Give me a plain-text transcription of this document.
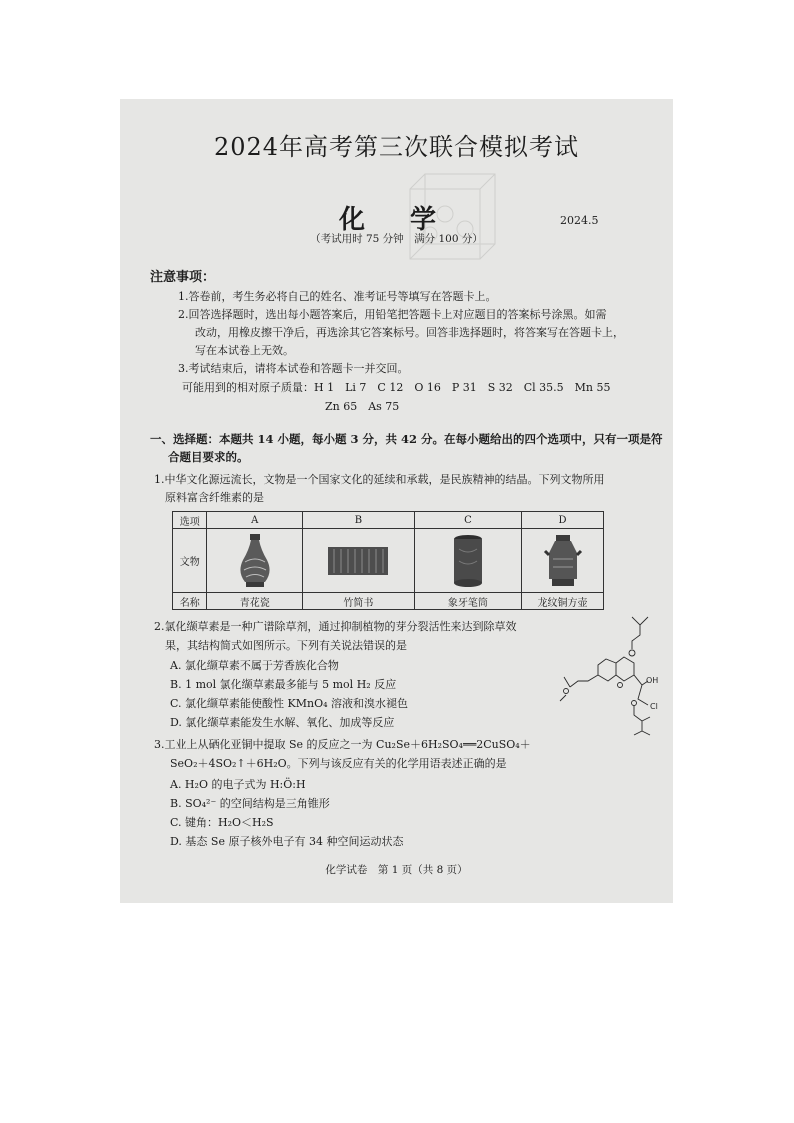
2024年高考第三次联合模拟考试
化 学	2024.5
（考试用时 75 分钟　满分 100 分）
注意事项：
1.答卷前，考生务必将自己的姓名、准考证号等填写在答题卡上。
2.回答选择题时，选出每小题答案后，用铅笔把答题卡上对应题目的答案标号涂黑。如需
改动，用橡皮擦干净后，再选涂其它答案标号。回答非选择题时，将答案写在答题卡上，
写在本试卷上无效。
3.考试结束后，请将本试卷和答题卡一并交回。
可能用到的相对原子质量：H 1　Li 7　C 12　O 16　P 31　S 32　Cl 35.5　Mn 55
Zn 65　As 75
一、选择题：本题共 14 小题，每小题 3 分，共 42 分。在每小题给出的四个选项中，只有一项是符
合题目要求的。
1.中华文化源远流长，文物是一个国家文化的延续和承载，是民族精神的结晶。下列文物所用
原料富含纤维素的是
选项	A	B	C	D
文物				
名称	青花瓷	竹简书	象牙笔筒	龙纹铜方壶
2.氯化缬草素是一种广谱除草剂，通过抑制植物的芽分裂活性来达到除草效
果，其结构简式如图所示。下列有关说法错误的是
A. 氯化缬草素不属于芳香族化合物
B. 1 mol 氯化缬草素最多能与 5 mol H₂ 反应
C. 氯化缬草素能使酸性 KMnO₄ 溶液和溴水褪色
D. 氯化缬草素能发生水解、氧化、加成等反应
OH
Cl
3.工业上从硒化亚铜中提取 Se 的反应之一为 Cu₂Se＋6H₂SO₄══2CuSO₄＋
SeO₂＋4SO₂↑＋6H₂O。下列与该反应有关的化学用语表述正确的是
A. H₂O 的电子式为 H:Ö:H
B. SO₄²⁻ 的空间结构是三角锥形
C. 键角：H₂O＜H₂S
D. 基态 Se 原子核外电子有 34 种空间运动状态
化学试卷　第 1 页（共 8 页）
